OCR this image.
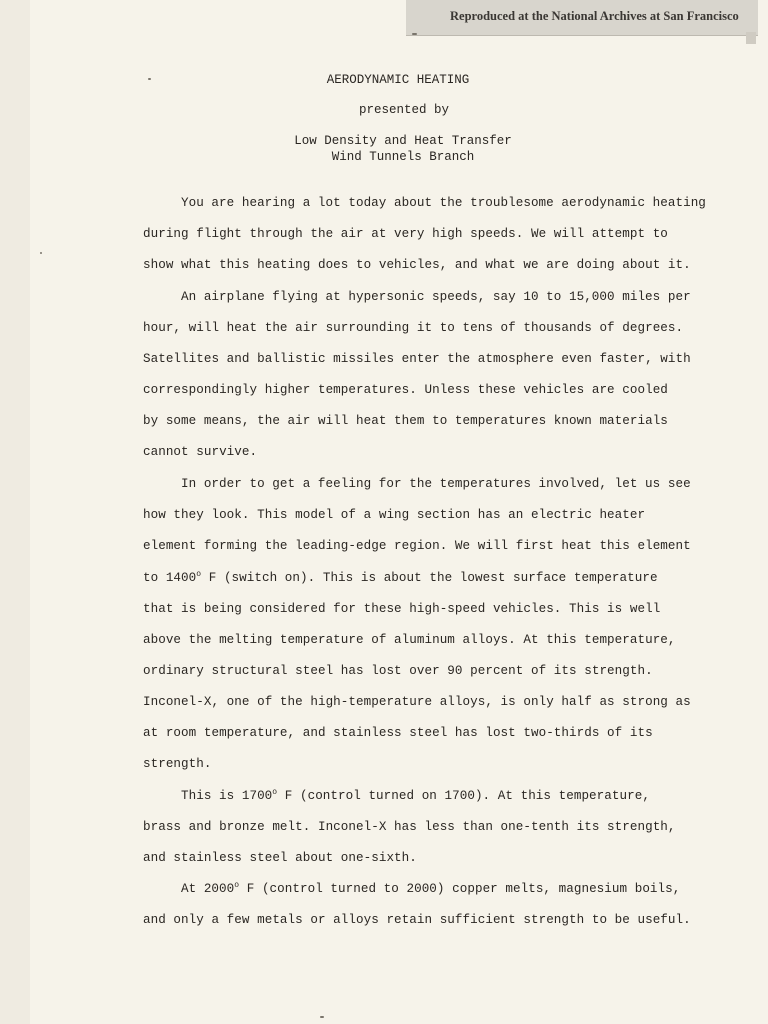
Reproduced at the National Archives at San Francisco
AERODYNAMIC HEATING
presented by
Low Density and Heat Transfer
Wind Tunnels Branch
You are hearing a lot today about the troublesome aerodynamic heating
during flight through the air at very high speeds. We will attempt to
show what this heating does to vehicles, and what we are doing about it.
An airplane flying at hypersonic speeds, say 10 to 15,000 miles per
hour, will heat the air surrounding it to tens of thousands of degrees.
Satellites and ballistic missiles enter the atmosphere even faster, with
correspondingly higher temperatures. Unless these vehicles are cooled
by some means, the air will heat them to temperatures known materials
cannot survive.
In order to get a feeling for the temperatures involved, let us see
how they look. This model of a wing section has an electric heater
element forming the leading-edge region. We will first heat this element
to 1400$^o$ F (switch on). This is about the lowest surface temperature
that is being considered for these high-speed vehicles. This is well
above the melting temperature of aluminum alloys. At this temperature,
ordinary structural steel has lost over 90 percent of its strength.
Inconel-X, one of the high-temperature alloys, is only half as strong as
at room temperature, and stainless steel has lost two-thirds of its
strength.
This is 1700$^o$ F (control turned on 1700). At this temperature,
brass and bronze melt. Inconel-X has less than one-tenth its strength,
and stainless steel about one-sixth.
At 2000$^o$ F (control turned to 2000) copper melts, magnesium boils,
and only a few metals or alloys retain sufficient strength to be useful.
